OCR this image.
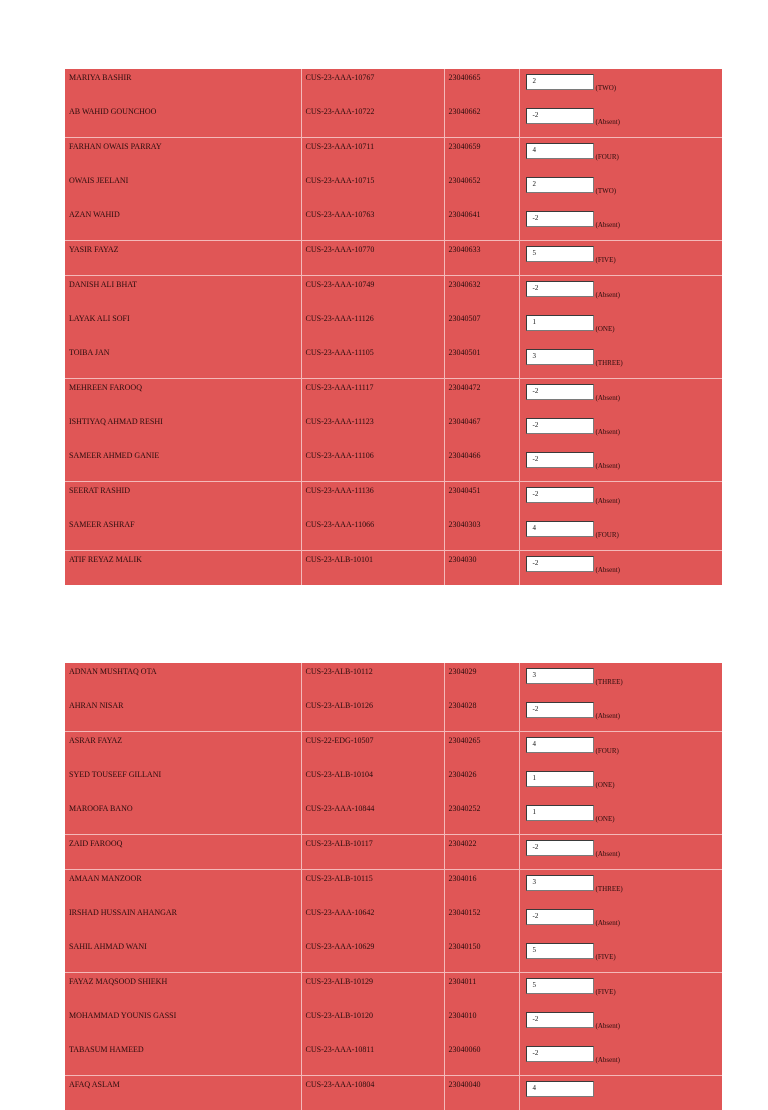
MARIYA BASHIR	CUS-23-AAA-10767	23040665	2(TWO)
AB WAHID GOUNCHOO	CUS-23-AAA-10722	23040662	-2(Absent)
FARHAN OWAIS PARRAY	CUS-23-AAA-10711	23040659	4(FOUR)
OWAIS JEELANI	CUS-23-AAA-10715	23040652	2(TWO)
AZAN WAHID	CUS-23-AAA-10763	23040641	-2(Absent)
YASIR FAYAZ	CUS-23-AAA-10770	23040633	5(FIVE)
DANISH ALI BHAT	CUS-23-AAA-10749	23040632	-2(Absent)
LAYAK ALI SOFI	CUS-23-AAA-11126	23040507	1(ONE)
TOIBA JAN	CUS-23-AAA-11105	23040501	3(THREE)
MEHREEN FAROOQ	CUS-23-AAA-11117	23040472	-2(Absent)
ISHTIYAQ AHMAD RESHI	CUS-23-AAA-11123	23040467	-2(Absent)
SAMEER AHMED GANIE	CUS-23-AAA-11106	23040466	-2(Absent)
SEERAT RASHID	CUS-23-AAA-11136	23040451	-2(Absent)
SAMEER ASHRAF	CUS-23-AAA-11066	23040303	4(FOUR)
ATIF REYAZ MALIK	CUS-23-ALB-10101	2304030	-2(Absent)
ADNAN MUSHTAQ OTA	CUS-23-ALB-10112	2304029	3(THREE)
AHRAN NISAR	CUS-23-ALB-10126	2304028	-2(Absent)
ASRAR FAYAZ	CUS-22-EDG-10507	23040265	4(FOUR)
SYED TOUSEEF GILLANI	CUS-23-ALB-10104	2304026	1(ONE)
MAROOFA BANO	CUS-23-AAA-10844	23040252	1(ONE)
ZAID FAROOQ	CUS-23-ALB-10117	2304022	-2(Absent)
AMAAN MANZOOR	CUS-23-ALB-10115	2304016	3(THREE)
IRSHAD HUSSAIN AHANGAR	CUS-23-AAA-10642	23040152	-2(Absent)
SAHIL AHMAD WANI	CUS-23-AAA-10629	23040150	5(FIVE)
FAYAZ MAQSOOD SHIEKH	CUS-23-ALB-10129	2304011	5(FIVE)
MOHAMMAD YOUNIS GASSI	CUS-23-ALB-10120	2304010	-2(Absent)
TABASUM HAMEED	CUS-23-AAA-10811	23040060	-2(Absent)
AFAQ ASLAM	CUS-23-AAA-10804	23040040	4
